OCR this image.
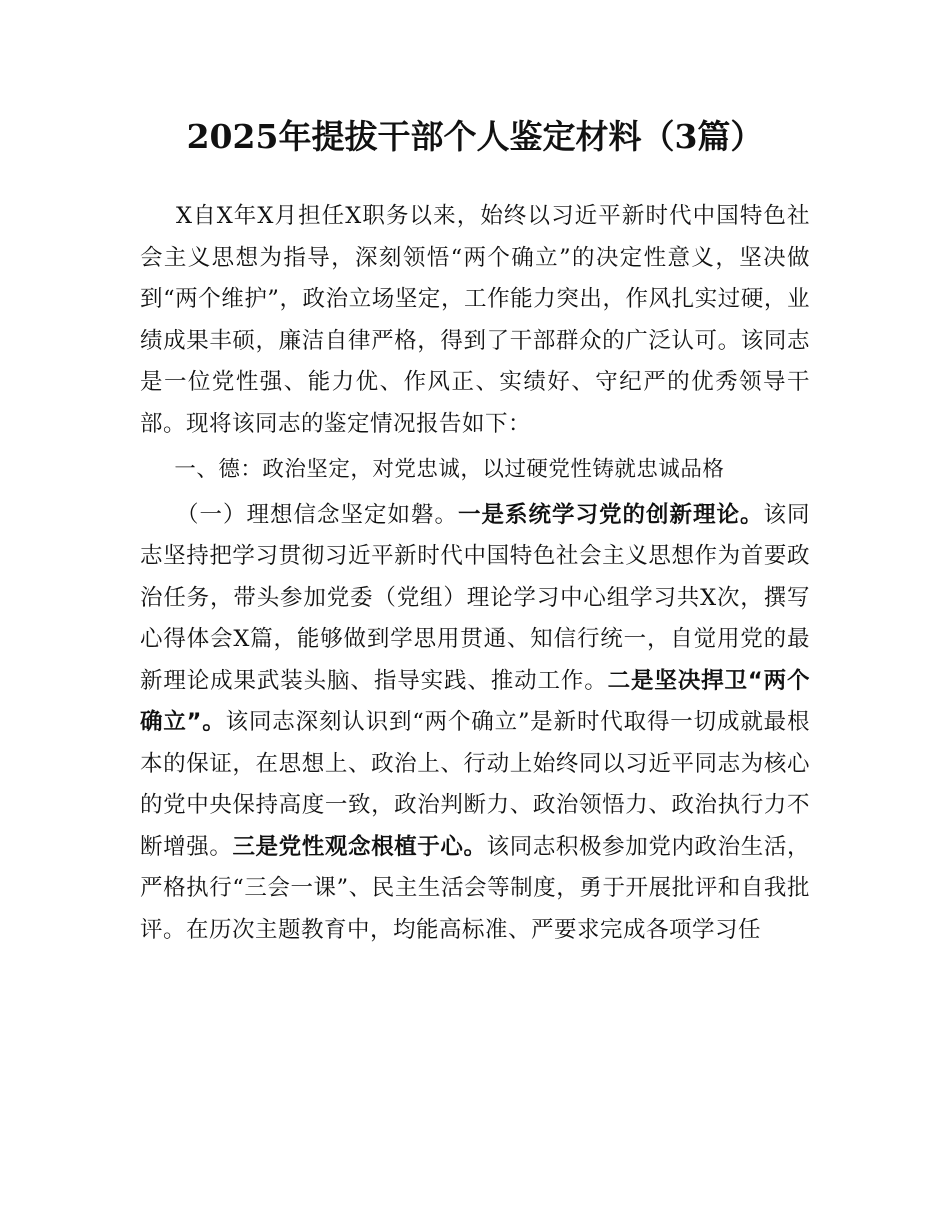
2025年提拔干部个人鉴定材料（3篇）

X自X年X月担任X职务以来，始终以习近平新时代中国特色社会主义思想为指导，深刻领悟“两个确立”的决定性意义，坚决做到“两个维护”，政治立场坚定，工作能力突出，作风扎实过硬，业绩成果丰硕，廉洁自律严格，得到了干部群众的广泛认可。该同志是一位党性强、能力优、作风正、实绩好、守纪严的优秀领导干部。现将该同志的鉴定情况报告如下：

一、德：政治坚定，对党忠诚，以过硬党性铸就忠诚品格

（一）理想信念坚定如磐。一是系统学习党的创新理论。该同志坚持把学习贯彻习近平新时代中国特色社会主义思想作为首要政治任务，带头参加党委（党组）理论学习中心组学习共X次，撰写心得体会X篇，能够做到学思用贯通、知信行统一，自觉用党的最新理论成果武装头脑、指导实践、推动工作。二是坚决捍卫“两个确立”。该同志深刻认识到“两个确立”是新时代取得一切成就最根本的保证，在思想上、政治上、行动上始终同以习近平同志为核心的党中央保持高度一致，政治判断力、政治领悟力、政治执行力不断增强。三是党性观念根植于心。该同志积极参加党内政治生活，严格执行“三会一课”、民主生活会等制度，勇于开展批评和自我批评。在历次主题教育中，均能高标准、严要求完成各项学习任
